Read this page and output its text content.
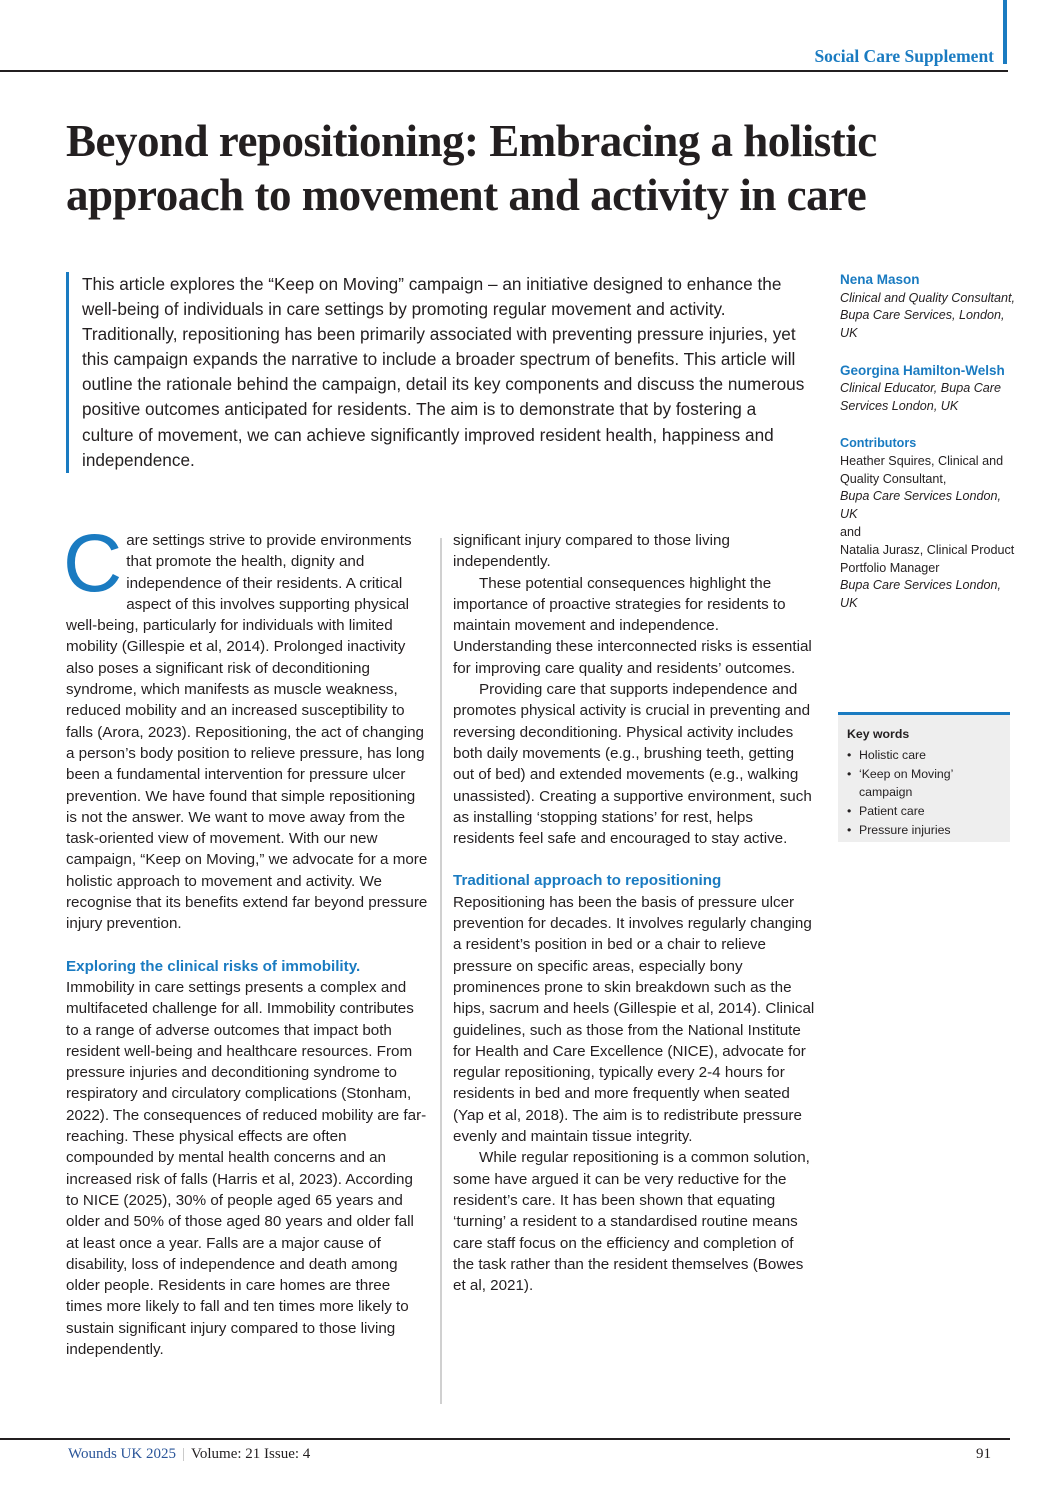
Social Care Supplement
Beyond repositioning: Embracing a holistic approach to movement and activity in care

This article explores the “Keep on Moving” campaign – an initiative designed to enhance the well-being of individuals in care settings by promoting regular movement and activity. Traditionally, repositioning has been primarily associated with preventing pressure injuries, yet this campaign expands the narrative to include a broader spectrum of benefits. This article will outline the rationale behind the campaign, detail its key components and discuss the numerous positive outcomes anticipated for residents. The aim is to demonstrate that by fostering a culture of movement, we can achieve significantly improved resident health, happiness and independence.

Nena Mason
Clinical and Quality Consultant, Bupa Care Services, London, UK
Georgina Hamilton-Welsh
Clinical Educator, Bupa Care Services London, UK
Contributors
Heather Squires, Clinical and Quality Consultant,
Bupa Care Services London, UK
and
Natalia Jurasz, Clinical Product Portfolio Manager
Bupa Care Services London, UK
Key words
• Holistic care
• ‘Keep on Moving’ campaign
• Patient care
• Pressure injuries

Care settings strive to provide environments that promote the health, dignity and independence of their residents. A critical aspect of this involves supporting physical well-being, particularly for individuals with limited mobility (Gillespie et al, 2014). Prolonged inactivity also poses a significant risk of deconditioning syndrome, which manifests as muscle weakness, reduced mobility and an increased susceptibility to falls (Arora, 2023). Repositioning, the act of changing a person’s body position to relieve pressure, has long been a fundamental intervention for pressure ulcer prevention. We have found that simple repositioning is not the answer. We want to move away from the task-oriented view of movement. With our new campaign, “Keep on Moving,” we advocate for a more holistic approach to movement and activity. We recognise that its benefits extend far beyond pressure injury prevention.

Exploring the clinical risks of immobility.

Immobility in care settings presents a complex and multifaceted challenge for all. Immobility contributes to a range of adverse outcomes that impact both resident well-being and healthcare resources. From pressure injuries and deconditioning syndrome to respiratory and circulatory complications (Stonham, 2022). The consequences of reduced mobility are far-reaching. These physical effects are often compounded by mental health concerns and an increased risk of falls (Harris et al, 2023). According to NICE (2025), 30% of people aged 65 years and older and 50% of those aged 80 years and older fall at least once a year. Falls are a major cause of disability, loss of independence and death among older people. Residents in care homes are three times more likely to fall and ten times more likely to sustain significant injury compared to those living independently.

significant injury compared to those living independently.

These potential consequences highlight the importance of proactive strategies for residents to maintain movement and independence. Understanding these interconnected risks is essential for improving care quality and residents’ outcomes.

Providing care that supports independence and promotes physical activity is crucial in preventing and reversing deconditioning. Physical activity includes both daily movements (e.g., brushing teeth, getting out of bed) and extended movements (e.g., walking unassisted). Creating a supportive environment, such as installing ‘stopping stations’ for rest, helps residents feel safe and encouraged to stay active.

Traditional approach to repositioning

Repositioning has been the basis of pressure ulcer prevention for decades. It involves regularly changing a resident’s position in bed or a chair to relieve pressure on specific areas, especially bony prominences prone to skin breakdown such as the hips, sacrum and heels (Gillespie et al, 2014). Clinical guidelines, such as those from the National Institute for Health and Care Excellence (NICE), advocate for regular repositioning, typically every 2-4 hours for residents in bed and more frequently when seated (Yap et al, 2018). The aim is to redistribute pressure evenly and maintain tissue integrity.

While regular repositioning is a common solution, some have argued it can be very reductive for the resident’s care. It has been shown that equating ‘turning’ a resident to a standardised routine means care staff focus on the efficiency and completion of the task rather than the resident themselves (Bowes et al, 2021).

Wounds UK 2025 | Volume: 21 Issue: 4	91
